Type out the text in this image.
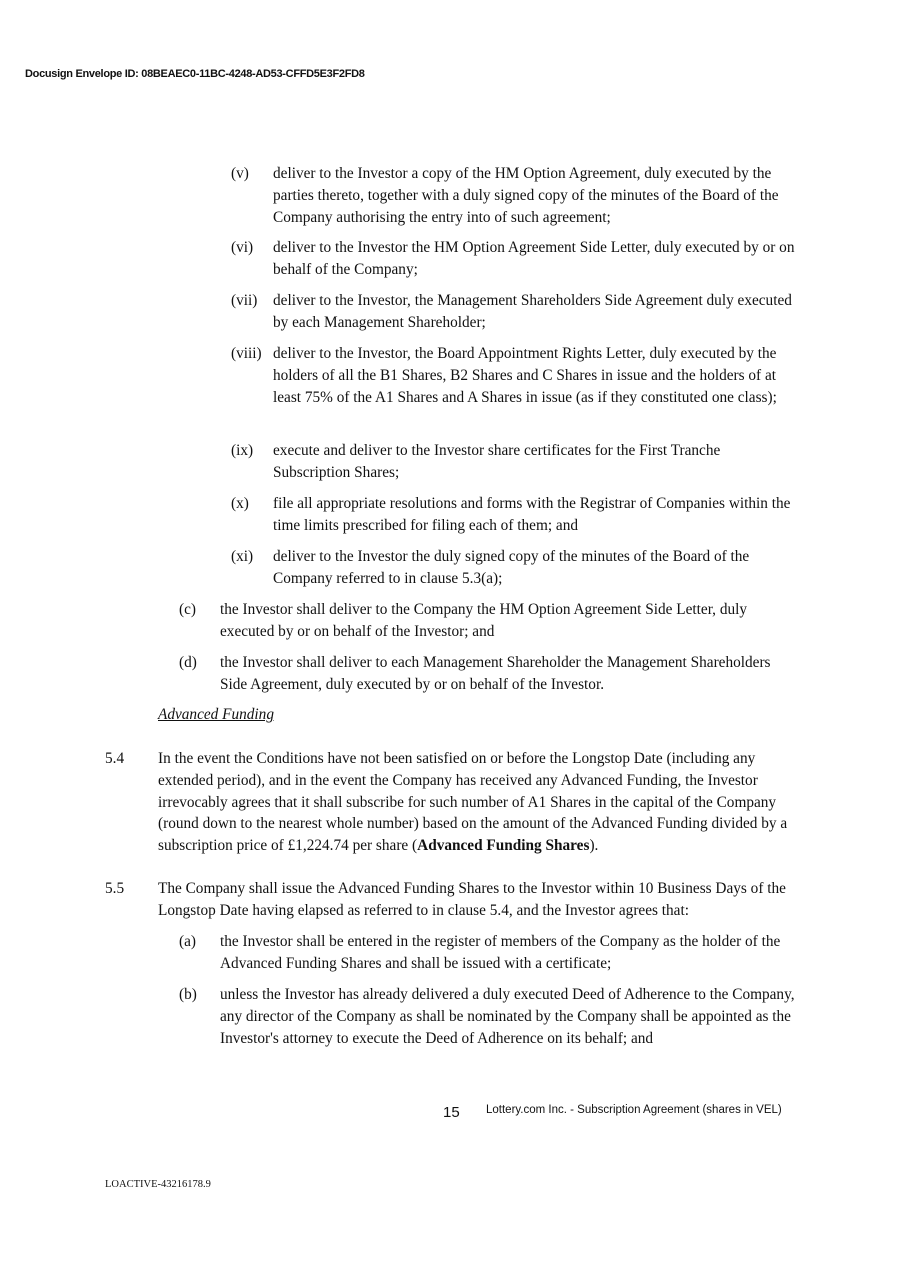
Docusign Envelope ID: 08BEAEC0-11BC-4248-AD53-CFFD5E3F2FD8
(v) deliver to the Investor a copy of the HM Option Agreement, duly executed by the parties thereto, together with a duly signed copy of the minutes of the Board of the Company authorising the entry into of such agreement;
(vi) deliver to the Investor the HM Option Agreement Side Letter, duly executed by or on behalf of the Company;
(vii) deliver to the Investor, the Management Shareholders Side Agreement duly executed by each Management Shareholder;
(viii) deliver to the Investor, the Board Appointment Rights Letter, duly executed by the holders of all the B1 Shares, B2 Shares and C Shares in issue and the holders of at least 75% of the A1 Shares and A Shares in issue (as if they constituted one class);
(ix) execute and deliver to the Investor share certificates for the First Tranche Subscription Shares;
(x) file all appropriate resolutions and forms with the Registrar of Companies within the time limits prescribed for filing each of them; and
(xi) deliver to the Investor the duly signed copy of the minutes of the Board of the Company referred to in clause 5.3(a);
(c) the Investor shall deliver to the Company the HM Option Agreement Side Letter, duly executed by or on behalf of the Investor; and
(d) the Investor shall deliver to each Management Shareholder the Management Shareholders Side Agreement, duly executed by or on behalf of the Investor.
Advanced Funding
5.4 In the event the Conditions have not been satisfied on or before the Longstop Date (including any extended period), and in the event the Company has received any Advanced Funding, the Investor irrevocably agrees that it shall subscribe for such number of A1 Shares in the capital of the Company (round down to the nearest whole number) based on the amount of the Advanced Funding divided by a subscription price of £1,224.74 per share (Advanced Funding Shares).
5.5 The Company shall issue the Advanced Funding Shares to the Investor within 10 Business Days of the Longstop Date having elapsed as referred to in clause 5.4, and the Investor agrees that:
(a) the Investor shall be entered in the register of members of the Company as the holder of the Advanced Funding Shares and shall be issued with a certificate;
(b) unless the Investor has already delivered a duly executed Deed of Adherence to the Company, any director of the Company as shall be nominated by the Company shall be appointed as the Investor's attorney to execute the Deed of Adherence on its behalf; and
15 Lottery.com Inc. - Subscription Agreement (shares in VEL)
LOACTIVE-43216178.9
